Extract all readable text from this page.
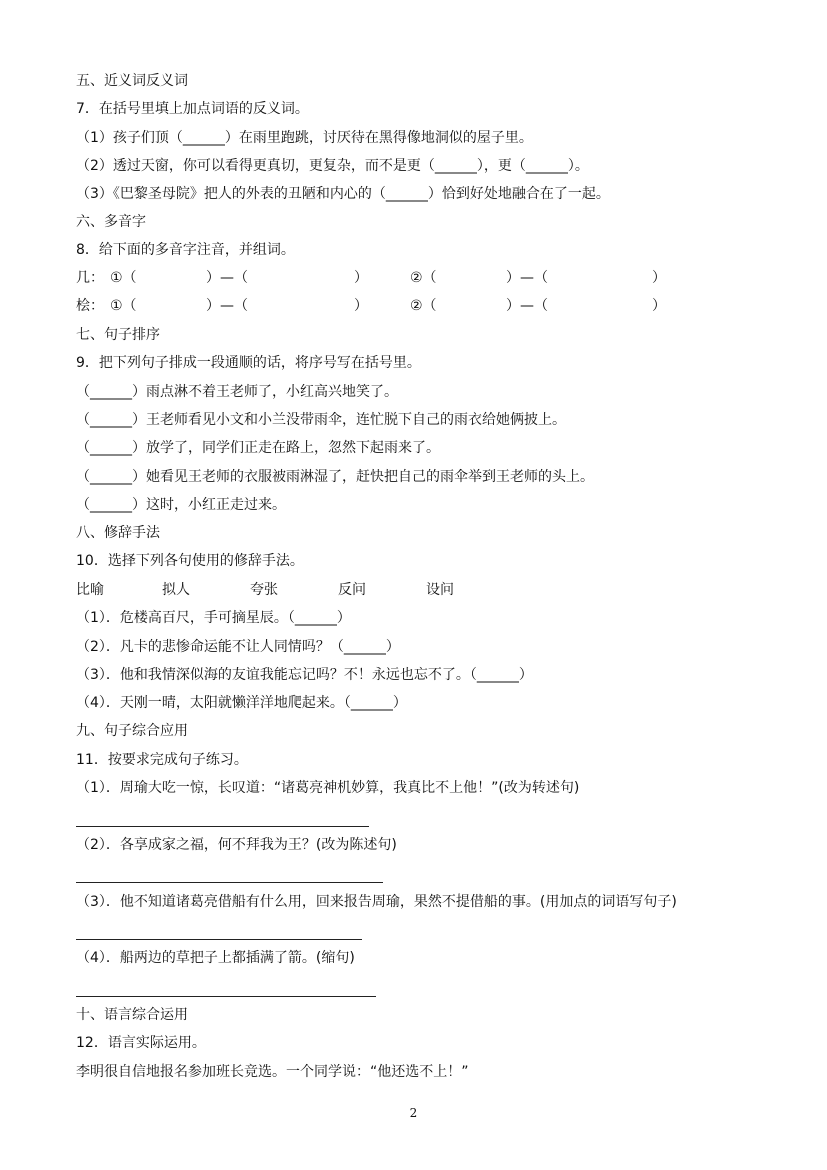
五、近义词反义词
7．在括号里填上加点词语的反义词。
（1）孩子们顶（______）在雨里跑跳，讨厌待在黑得像地洞似的屋子里。
（2）透过天窗，你可以看得更真切，更复杂，而不是更（______），更（______）。
（3）《巴黎圣母院》把人的外表的丑陋和内心的（______）恰到好处地融合在了一起。
六、多音字
8．给下面的多音字注音，并组词。
几： ①（	）—（	）	②（	）—（	）
桧： ①（	）—（	）	②（	）—（	）
七、句子排序
9．把下列句子排成一段通顺的话，将序号写在括号里。
（______）雨点淋不着王老师了，小红高兴地笑了。
（______）王老师看见小文和小兰没带雨伞，连忙脱下自己的雨衣给她俩披上。
（______）放学了，同学们正走在路上，忽然下起雨来了。
（______）她看见王老师的衣服被雨淋湿了，赶快把自己的雨伞举到王老师的头上。
（______）这时，小红正走过来。
八、修辞手法
10．选择下列各句使用的修辞手法。
比喻	拟人	夸张	反问	设问
（1）．危楼高百尺，手可摘星辰。（______）
（2）．凡卡的悲惨命运能不让人同情吗？（______）
（3）．他和我情深似海的友谊我能忘记吗？不！永远也忘不了。（______）
（4）．天刚一晴，太阳就懒洋洋地爬起来。（______）
九、句子综合应用
11．按要求完成句子练习。
（1）．周瑜大吃一惊，长叹道：“诸葛亮神机妙算，我真比不上他！”(改为转述句)
（2）．各享成家之福，何不拜我为王？(改为陈述句)
（3）．他不知道诸葛亮借船有什么用，回来报告周瑜，果然不提借船的事。(用加点的词语写句子)
（4）．船两边的草把子上都插满了箭。(缩句)
十、语言综合运用
12．语言实际运用。
李明很自信地报名参加班长竞选。一个同学说：“他还选不上！”
2
